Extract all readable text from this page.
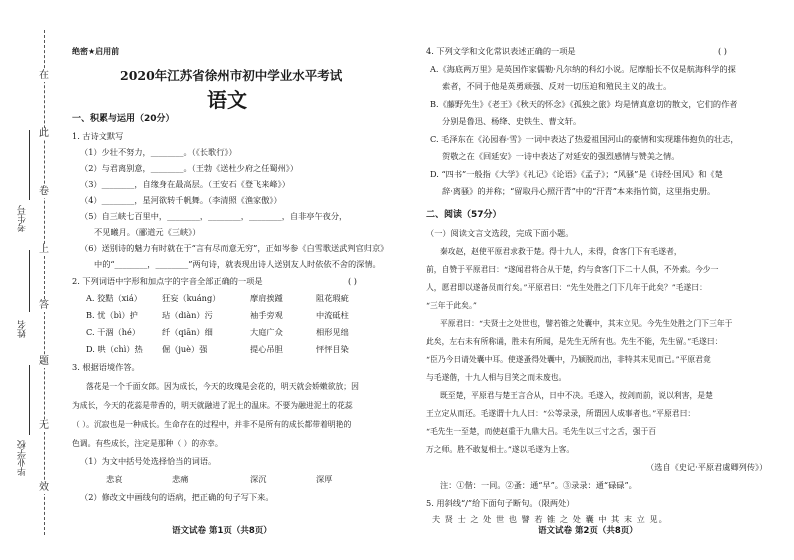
在
此
卷
上
答
题
无
效
考生号
姓名
毕业学校
绝密★启用前
2020年江苏省徐州市初中学业水平考试
语文
一、积累与运用（20分）
1. 古诗文默写
（1）少壮不努力，________。（《长歌行》）
（2）与君离别意，________。（王勃《送杜少府之任蜀州》）
（3）________，自缘身在最高层。（王安石《登飞来峰》）
（4）________，星河欲转千帆舞。（李清照《渔家傲》）
（5）自三峡七百里中，________，________，________，自非亭午夜分，
不见曦月。（郦道元《三峡》）
（6）送别诗的魅力有时就在于“言有尽而意无穷”，正如岑参《白雪歌送武判官归京》
中的“________，________”两句诗，就表现出诗人送别友人时依依不舍的深情。
2. 下列词语中字形和加点字的字音全部正确的一项是	( )
A. 狡黠（xiá） 狂妄（kuáng）	摩肩挨踵	阻花瑕疵
B. 忧（bì）护	玷（diàn）污	袖手旁观	中流砥柱
C. 干涸（hé）	纤（qiān）细	大庭广众	相形见绌
D. 哄（chì）热 倔（juè）强	提心吊胆	怦怦目染
3. 根据语境作答。
落花是一个千面女郎。因为成长，今天的玫瑰是会花的，明天就会娇嫩欲放；因
为成长，今天的花蕊是带香的，明天就融进了泥土的温床。不要为融进泥土的花蕊
（ ）。沉寂也是一种成长。生命存在的过程中，并非不是所有的成长都带着明艳的
色调。有些成长，注定是那种（ ）的亦幸。
（1）为文中括号处选择恰当的词语。
悲哀	悲痛	深沉	深厚
（2）修改文中画线句的语病，把正确的句子写下来。
语文试卷 第1页（共8页）
4. 下列文学和文化常识表述正确的一项是	( )
A.《海底两万里》是英国作家儒勒·凡尔纳的科幻小说。尼摩船长不仅是航海科学的探
索者，不同于他是英勇顽强、反对一切压迫和殖民主义的战士。
B.《藤野先生》《老王》《秋天的怀念》《孤独之旅》均是情真意切的散文，它们的作者
分别是鲁迅、杨绛、史铁生、曹文轩。
C. 毛泽东在《沁园春·雪》一词中表达了热爱祖国河山的豪情和实现雄伟抱负的壮志，
贺敬之在《回延安》一诗中表达了对延安的强烈感情与赞美之情。
D. “四书”一般指《大学》《礼记》《论语》《孟子》；“风骚”是《诗经·国风》和《楚
辞·离骚》的并称；“留取丹心照汗青”中的“汗青”本来指竹简，这里指史册。
二、阅读（57分）
（一）阅读文言文选段，完成下面小题。
秦攻赵，赵使平原君求救于楚。得十九人，未得，食客门下有毛遂者，
前，自赞于平原君曰：“遂闻君将合从于楚，约与食客门下二十人俱，不外索。今少一
人，愿君即以遂备员而行矣。”平原君曰：“先生处胜之门下几年于此矣？”毛遂曰：
“三年于此矣。”
平原君曰：“夫贤士之处世也，譬若锥之处囊中，其末立见。今先生处胜之门下三年于
此矣，左右未有所称诵，胜未有所闻，是先生无所有也。先生不能，先生留。”毛遂曰：
“臣乃今日请处囊中耳。使遂蚤得处囊中，乃颖脱而出，非特其末见而已。”平原君竟
与毛遂偕，十九人相与目笑之而未废也。
既至楚，平原君与楚王言合从，日中不决。毛遂入，按剑而前，说以利害，是楚
王立定从而还。毛遂谓十九人曰：“公等录录，所谓因人成事者也。”平原君曰：
“毛先生一至楚，而使赵重于九鼎大吕。毛先生以三寸之舌，强于百
万之师。胜不敢复相士。”遂以毛遂为上客。
（选自《史记·平原君虞卿列传》）
注：①偕：一同。②蚤：通“早”。③录录：通“碌碌”。
5. 用斜线“/”给下面句子断句。（限两处）
夫 贤 士 之 处 世 也 譬 若 锥 之 处 囊 中 其 末 立 见。
语文试卷 第2页（共8页）
